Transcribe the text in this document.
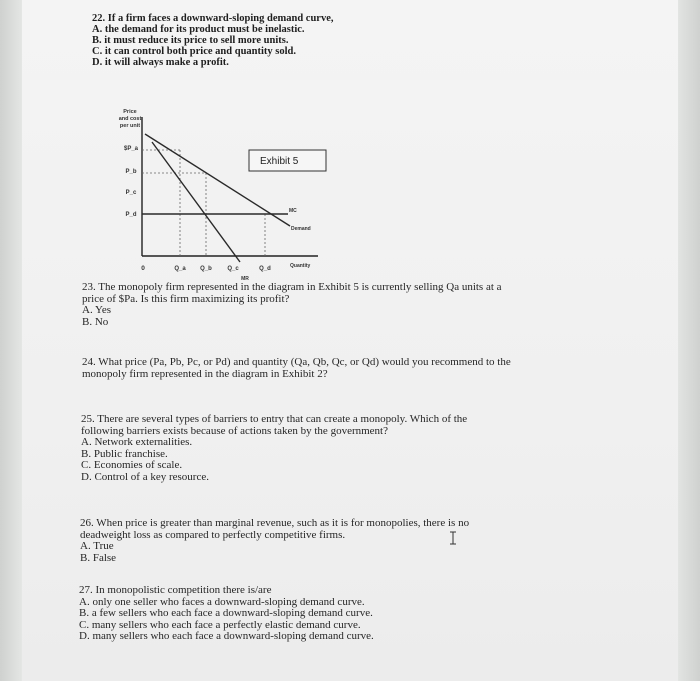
22. If a firm faces a downward-sloping demand curve,
A. the demand for its product must be inelastic.
B. it must reduce its price to sell more units.
C. it can control both price and quantity sold.
D. it will always make a profit.
Price
and cost
per unit
$P_a
P_b
P_c
P_d
0	Q_a Q_b	Q_c	Q_d	Quantity
MC
Demand
MR
Exhibit 5
23. The monopoly firm represented in the diagram in Exhibit 5 is currently selling Qa units at a
price of $Pa. Is this firm maximizing its profit?
A. Yes
B. No
24. What price (Pa, Pb, Pc, or Pd) and quantity (Qa, Qb, Qc, or Qd) would you recommend to the
monopoly firm represented in the diagram in Exhibit 2?
25. There are several types of barriers to entry that can create a monopoly. Which of the
following barriers exists because of actions taken by the government?
A. Network externalities.
B. Public franchise.
C. Economies of scale.
D. Control of a key resource.
26. When price is greater than marginal revenue, such as it is for monopolies, there is no
deadweight loss as compared to perfectly competitive firms.
A. True
B. False
27. In monopolistic competition there is/are
A. only one seller who faces a downward-sloping demand curve.
B. a few sellers who each face a downward-sloping demand curve.
C. many sellers who each face a perfectly elastic demand curve.
D. many sellers who each face a downward-sloping demand curve.
